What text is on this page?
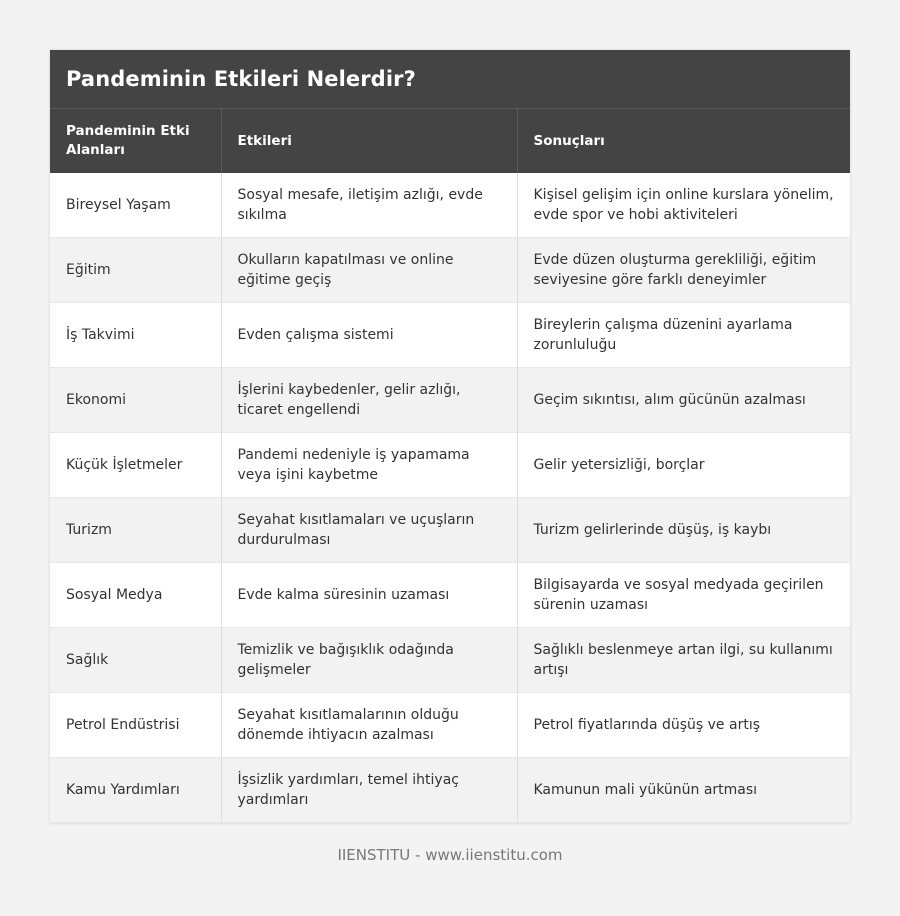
Pandeminin Etkileri Nelerdir?
Pandeminin Etki Alanları	Etkileri	Sonuçları
Bireysel Yaşam	Sosyal mesafe, iletişim azlığı, evde sıkılma	Kişisel gelişim için online kurslara yönelim, evde spor ve hobi aktiviteleri
Eğitim	Okulların kapatılması ve online eğitime geçiş	Evde düzen oluşturma gerekliliği, eğitim seviyesine göre farklı deneyimler
İş Takvimi	Evden çalışma sistemi	Bireylerin çalışma düzenini ayarlama zorunluluğu
Ekonomi	İşlerini kaybedenler, gelir azlığı, ticaret engellendi	Geçim sıkıntısı, alım gücünün azalması
Küçük İşletmeler	Pandemi nedeniyle iş yapamama veya işini kaybetme	Gelir yetersizliği, borçlar
Turizm	Seyahat kısıtlamaları ve uçuşların durdurulması	Turizm gelirlerinde düşüş, iş kaybı
Sosyal Medya	Evde kalma süresinin uzaması	Bilgisayarda ve sosyal medyada geçirilen sürenin uzaması
Sağlık	Temizlik ve bağışıklık odağında gelişmeler	Sağlıklı beslenmeye artan ilgi, su kullanımı artışı
Petrol Endüstrisi	Seyahat kısıtlamalarının olduğu dönemde ihtiyacın azalması	Petrol fiyatlarında düşüş ve artış
Kamu Yardımları	İşsizlik yardımları, temel ihtiyaç yardımları	Kamunun mali yükünün artması
IIENSTITU - www.iienstitu.com
